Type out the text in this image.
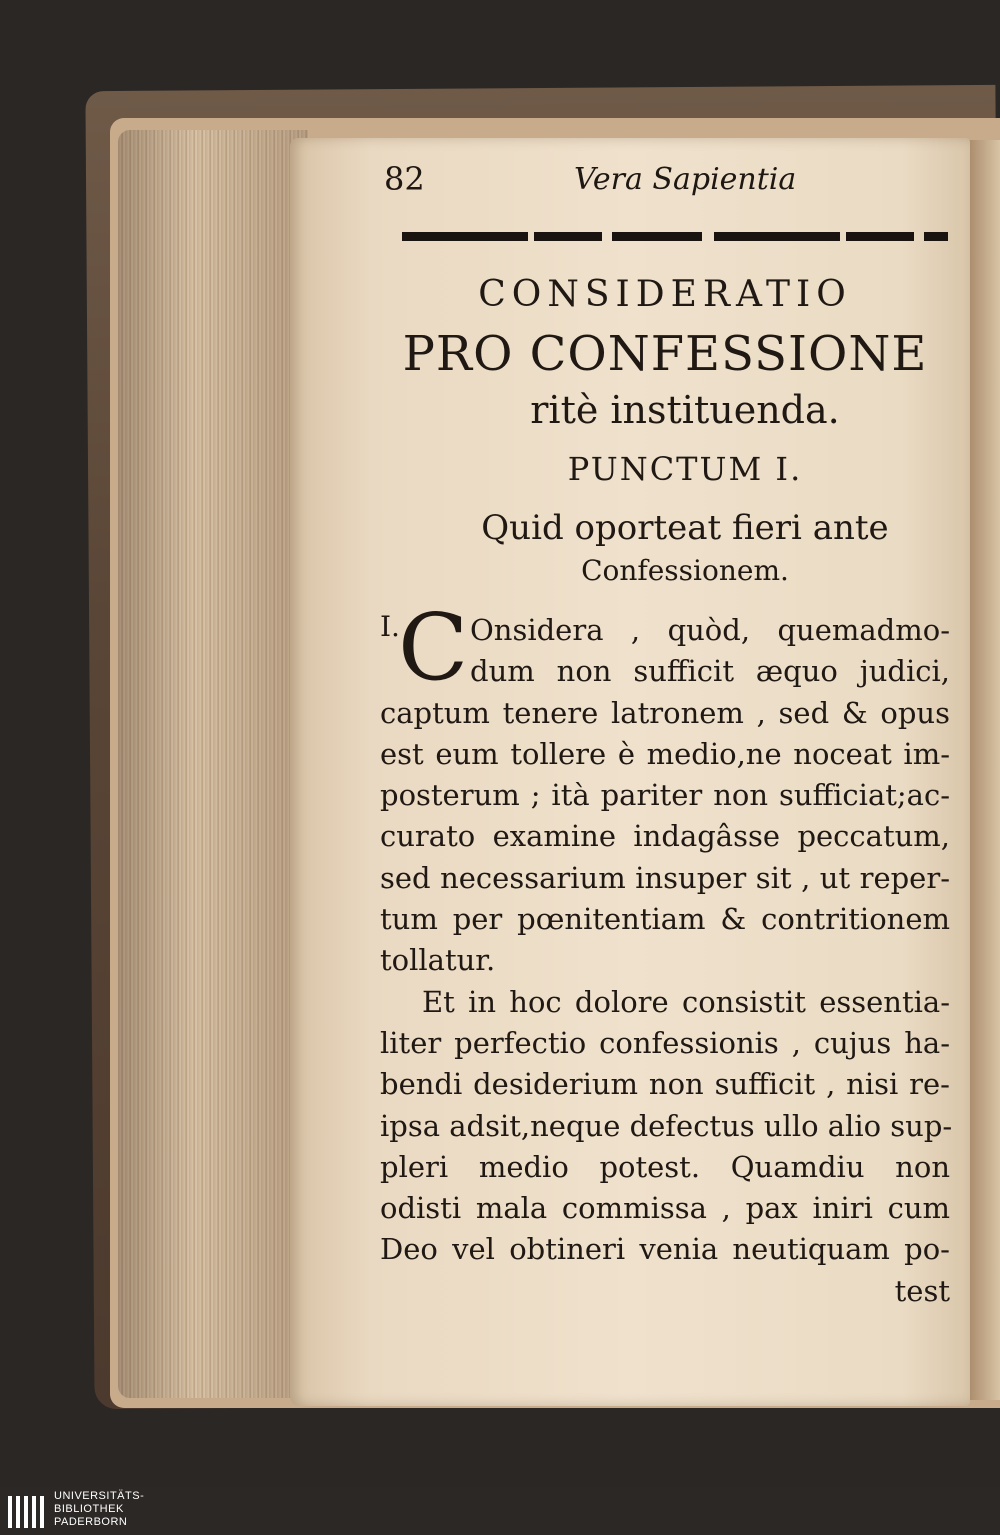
82	Vera Sapientia
CONSIDERATIO
PRO CONFESSIONE
ritè instituenda.
PUNCTUM I.
Quid oporteat fieri ante
Confessionem.
I.
C Onsidera , quòd, quemadmo-
dum non sufficit æquo judici,
captum tenere latronem , sed & opus
est eum tollere è medio,ne noceat im-
posterum ; ità pariter non sufficiat;ac-
curato examine indagâsse peccatum,
sed necessarium insuper sit , ut reper-
tum per pœnitentiam & contritionem
tollatur.
Et in hoc dolore consistit essentia-
liter perfectio confessionis , cujus ha-
bendi desiderium non sufficit , nisi re-
ipsa adsit,neque defectus ullo alio sup-
pleri medio potest. Quamdiu non
odisti mala commissa , pax iniri cum
Deo vel obtineri venia neutiquam po-
test
UNIVERSITÄTS-
BIBLIOTHEK
PADERBORN
